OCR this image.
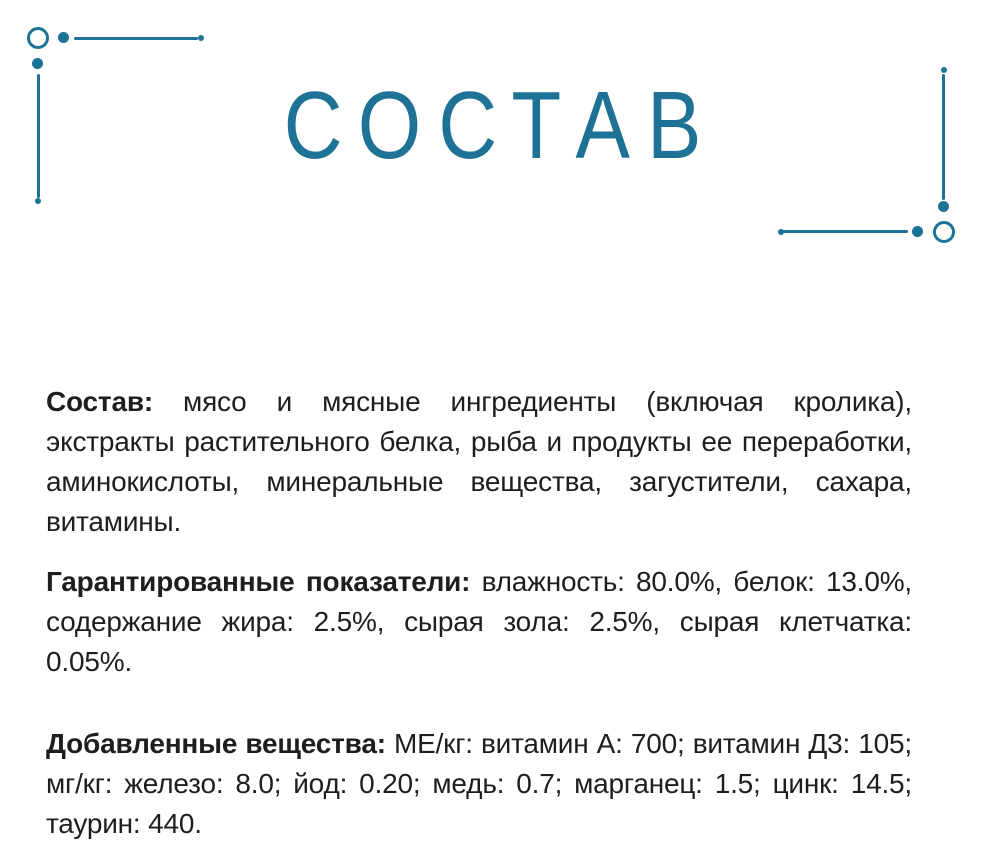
СОСТАВ

Состав: мясо и мясные ингредиенты (включая кролика), экстракты растительного белка, рыба и продукты ее переработки, аминокислоты, минеральные вещества, загустители, сахара, витамины.

Гарантированные показатели: влажность: 80.0%, белок: 13.0%, содержание жира: 2.5%, сырая зола: 2.5%, сырая клетчатка: 0.05%.

Добавленные вещества: МЕ/кг: витамин А: 700; витамин Д3: 105; мг/кг: железо: 8.0; йод: 0.20; медь: 0.7; марганец: 1.5; цинк: 14.5; таурин: 440.
